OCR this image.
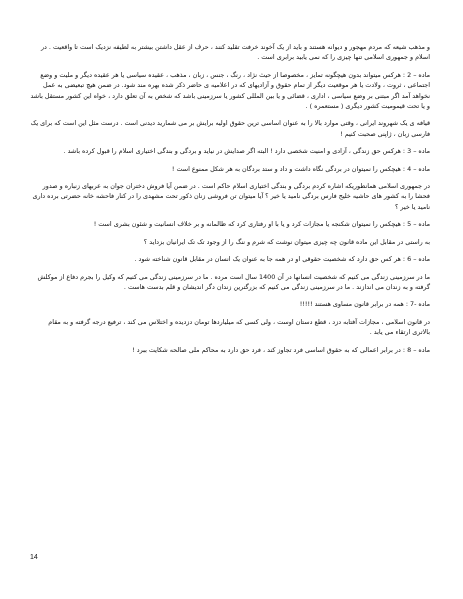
و مذهب شیعه که مردم مهجور و دیوانه هستند و باید از یک آخوند خرفت تقلید کنند ، حرف از عقل داشتن بیشتر به لطیفه نزدیک است تا واقعیت . در اسلام و جمهوری اسلامی تنها چیزی را که نمی یابید برابری است .

ماده – 2 : هرکس میتواند بدون هیچگونه تمایز ، مخصوصا از حیث نژاد ، رنگ ، جنس ، زبان ، مذهب ، عقیده سیاسی یا هر عقیده دیگر و ملیت و وضع اجتماعی ، ثروت ، ولادت یا هر موقعیت دیگر از تمام حقوق و آزادیهای که در اعلامیه ی حاضر ذکر شده بهره مند شود. در ضمن هیچ تبعیضی به عمل نخواهد آمد اگر مبتنی بر وضع سیاسی ، اداری ، قضائی و یا بین المللی کشور یا سرزمینی باشد که شخص به آن تعلق دارد ، خواه این کشور مستقل باشد و یا تحت قیمومیت کشور دیگری ( مستعمره ) .

قیافه ی یک شهروند ایرانی ، وقتی موارد بالا را به عنوان اساسی ترین حقوق اولیه برایش بر می شمارید دیدنی است . درست مثل این است که برای یک فارسی زبان ، ژاپنی صحبت کنیم !

ماده – 3 : هرکس حق زندگی ، آزادی و امنیت شخصی دارد ! البته اگر صدایش در نیاید و بردگی و بندگی اختیاری اسلام را قبول کرده باشد .

ماده – 4 : هیچکس را نمیتوان در بردگی نگاه داشت و داد و ستد بردگان به هر شکل ممنوع است !

در جمهوری اسلامی همانطوریکه اشاره کردم بردگی و بندگی اختیاری اسلام حاکم است . در ضمن آیا فروش دختران جوان به عربهای زنباره و صدور فحشا را به کشور های حاشیه خلیج فارس بردگی نامید یا خیر ؟ آیا میتوان تن فروشی زنان ذکور تحت مشهدی را در کنار فاحشه خانه حضرتی برده داری نامید یا خیر ؟

ماده – 5 : هیچکس را نمیتوان شکنجه یا مجازات کرد و یا با او رفتاری کرد که ظالمانه و بر خلاف انسانیت و شئون بشری است !

به راستی در مقابل این ماده قانون چه چیزی میتوان نوشت که شرم و ننگ را از وجود تک تک ایرانیان بزداید ؟

ماده – 6 : هر کس حق دارد که شخصیت حقوقی او در همه جا به عنوان یک انسان در مقابل قانون شناخته شود .

ما در سرزمینی زندگی می کنیم که شخصیت انسانها در آن 1400 سال است مرده . ما در سرزمینی زندگی می کنیم که وکیل را بجرم دفاع از موکلش گرفته و به زندان می اندازند . ما در سرزمینی زندگی می کنیم که بزرگترین زندان دگر اندیشان و قلم بدست هاست .

ماده -7 : همه در برابر قانون مساوی هستند !!!!!

در قانون اسلامی ، مجازات آفتابه دزد ، قطع دستان اوست ، ولی کسی که میلیاردها تومان دزدیده و اختلاس می کند ، ترفیع درجه گرفته و به مقام بالاتری ارتقاء می یابد .

ماده – 8 : در برابر اعمالی که به حقوق اساسی فرد تجاوز کند ، فرد حق دارد به محاکم ملی صالحه شکایت ببرد !

14
